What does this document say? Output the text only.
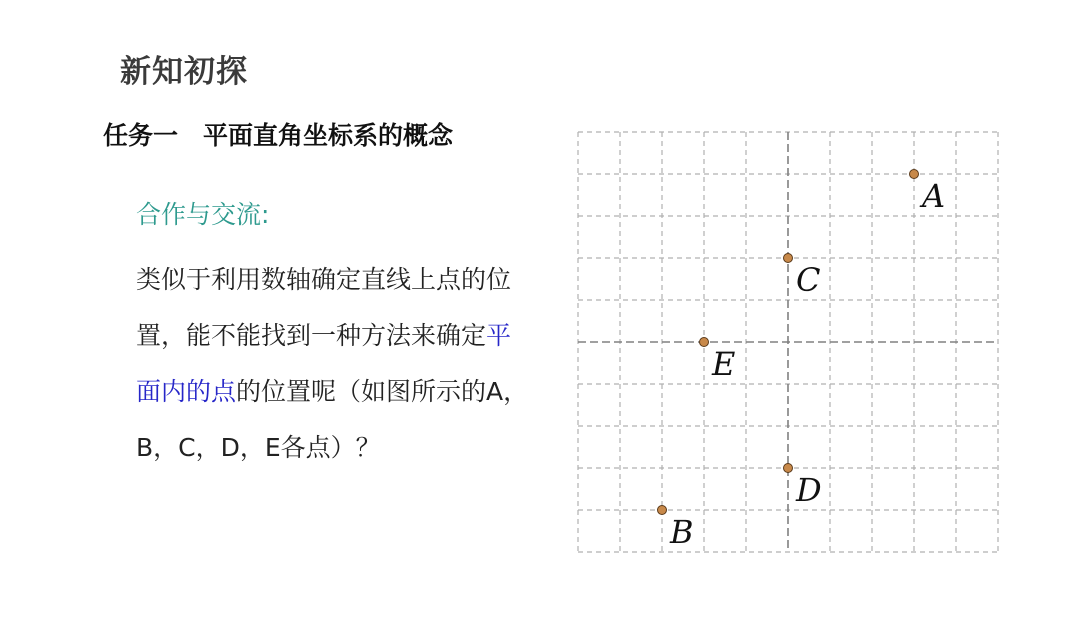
新知初探
任务一　平面直角坐标系的概念
合作与交流:
类似于利用数轴确定直线上点的位置，能不能找到一种方法来确定平面内的点的位置呢（如图所示的A，B，C，D，E各点）？
A
C
E
D
B
